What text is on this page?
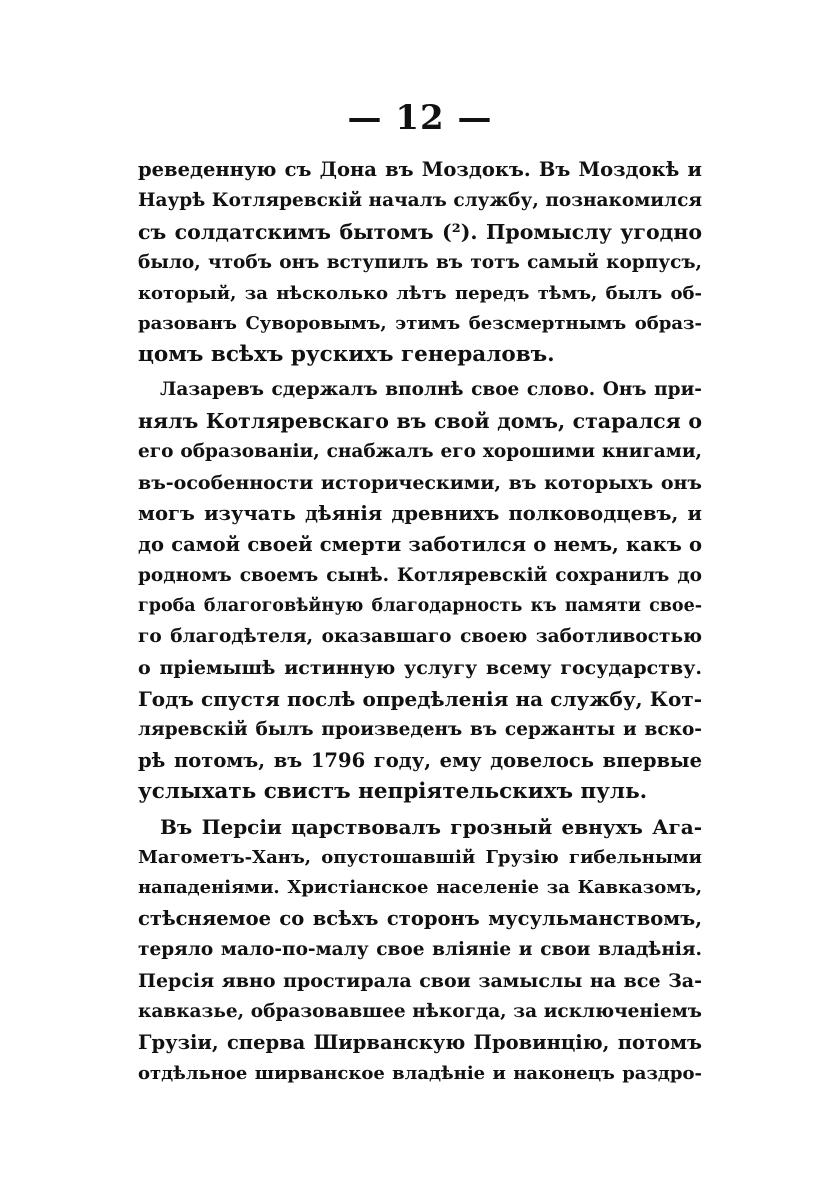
— 12 —
реведенную съ Дона въ Моздокъ. Въ Моздокѣ и
Наурѣ Котляревскій началъ службу, познакомился
съ солдатскимъ бытомъ (²). Промыслу угодно
было, чтобъ онъ вступилъ въ тотъ самый корпусъ,
который, за нѣсколько лѣтъ передъ тѣмъ, былъ об-
разованъ Суворовымъ, этимъ безсмертнымъ образ-
цомъ всѣхъ рускихъ генераловъ.
Лазаревъ сдержалъ вполнѣ свое слово. Онъ при-
нялъ Котляревскаго въ свой домъ, старался о
его образованіи, снабжалъ его хорошими книгами,
въ-особенности историческими, въ которыхъ онъ
могъ изучать дѣянія древнихъ полководцевъ, и
до самой своей смерти заботился о немъ, какъ о
родномъ своемъ сынѣ. Котляревскій сохранилъ до
гроба благоговѣйную благодарность къ памяти свое-
го благодѣтеля, оказавшаго своею заботливостью
о пріемышѣ истинную услугу всему государству.
Годъ спустя послѣ опредѣленія на службу, Кот-
ляревскій былъ произведенъ въ сержанты и вско-
рѣ потомъ, въ 1796 году, ему довелось впервые
услыхать свистъ непріятельскихъ пуль.
Въ Персіи царствовалъ грозный евнухъ Ага-
Магометъ-Ханъ, опустошавшій Грузію гибельными
нападеніями. Христіанское населеніе за Кавказомъ,
стѣсняемое со всѣхъ сторонъ мусульманствомъ,
теряло мало-по-малу свое вліяніе и свои владѣнія.
Персія явно простирала свои замыслы на все За-
кавказье, образовавшее нѣкогда, за исключеніемъ
Грузіи, сперва Ширванскую Провинцію, потомъ
отдѣльное ширванское владѣніе и наконецъ раздро-
